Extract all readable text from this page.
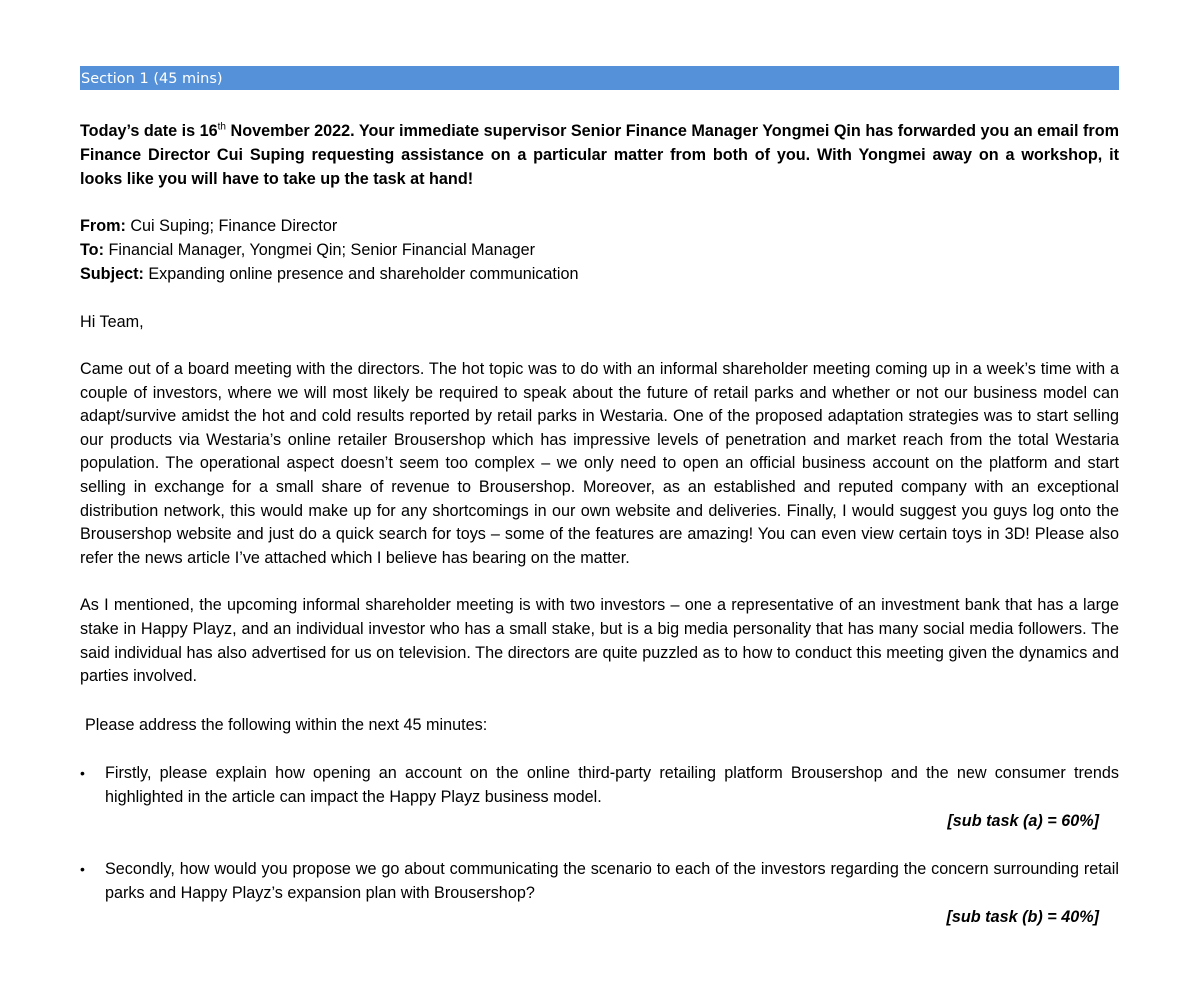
Section 1 (45 mins)
Today’s date is 16th November 2022. Your immediate supervisor Senior Finance Manager Yongmei Qin has forwarded you an email from Finance Director Cui Suping requesting assistance on a particular matter from both of you. With Yongmei away on a workshop, it looks like you will have to take up the task at hand!
From: Cui Suping; Finance Director
To: Financial Manager, Yongmei Qin; Senior Financial Manager
Subject: Expanding online presence and shareholder communication
Hi Team,
Came out of a board meeting with the directors. The hot topic was to do with an informal shareholder meeting coming up in a week’s time with a couple of investors, where we will most likely be required to speak about the future of retail parks and whether or not our business model can adapt/survive amidst the hot and cold results reported by retail parks in Westaria. One of the proposed adaptation strategies was to start selling our products via Westaria’s online retailer Brousershop which has impressive levels of penetration and market reach from the total Westaria population. The operational aspect doesn’t seem too complex – we only need to open an official business account on the platform and start selling in exchange for a small share of revenue to Brousershop. Moreover, as an established and reputed company with an exceptional distribution network, this would make up for any shortcomings in our own website and deliveries. Finally, I would suggest you guys log onto the Brousershop website and just do a quick search for toys – some of the features are amazing! You can even view certain toys in 3D! Please also refer the news article I’ve attached which I believe has bearing on the matter.
As I mentioned, the upcoming informal shareholder meeting is with two investors – one a representative of an investment bank that has a large stake in Happy Playz, and an individual investor who has a small stake, but is a big media personality that has many social media followers. The said individual has also advertised for us on television. The directors are quite puzzled as to how to conduct this meeting given the dynamics and parties involved.
Please address the following within the next 45 minutes:
• Firstly, please explain how opening an account on the online third-party retailing platform Brousershop and the new consumer trends highlighted in the article can impact the Happy Playz business model.
[sub task (a) = 60%]
• Secondly, how would you propose we go about communicating the scenario to each of the investors regarding the concern surrounding retail parks and Happy Playz’s expansion plan with Brousershop?
[sub task (b) = 40%]
